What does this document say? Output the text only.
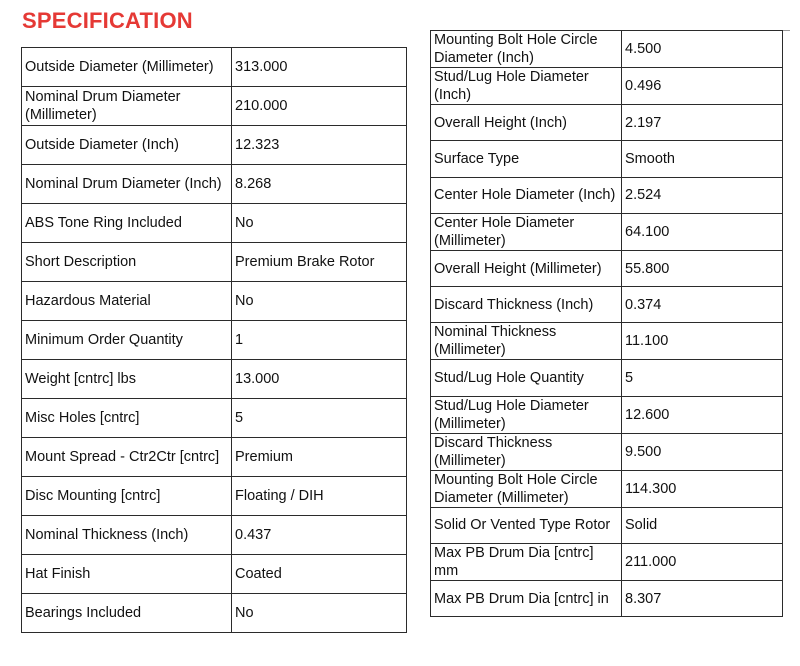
SPECIFICATION
Outside Diameter (Millimeter)	313.000
Nominal Drum Diameter (Millimeter)	210.000
Outside Diameter (Inch)	12.323
Nominal Drum Diameter (Inch)	8.268
ABS Tone Ring Included	No
Short Description	Premium Brake Rotor
Hazardous Material	No
Minimum Order Quantity	1
Weight [cntrc] lbs	13.000
Misc Holes [cntrc]	5
Mount Spread - Ctr2Ctr [cntrc]	Premium
Disc Mounting [cntrc]	Floating / DIH
Nominal Thickness (Inch)	0.437
Hat Finish	Coated
Bearings Included	No
Mounting Bolt Hole Circle Diameter (Inch)	4.500
Stud/Lug Hole Diameter (Inch)	0.496
Overall Height (Inch)	2.197
Surface Type	Smooth
Center Hole Diameter (Inch)	2.524
Center Hole Diameter (Millimeter)	64.100
Overall Height (Millimeter)	55.800
Discard Thickness (Inch)	0.374
Nominal Thickness (Millimeter)	11.100
Stud/Lug Hole Quantity	5
Stud/Lug Hole Diameter (Millimeter)	12.600
Discard Thickness (Millimeter)	9.500
Mounting Bolt Hole Circle Diameter (Millimeter)	114.300
Solid Or Vented Type Rotor	Solid
Max PB Drum Dia [cntrc] mm	211.000
Max PB Drum Dia [cntrc] in	8.307
